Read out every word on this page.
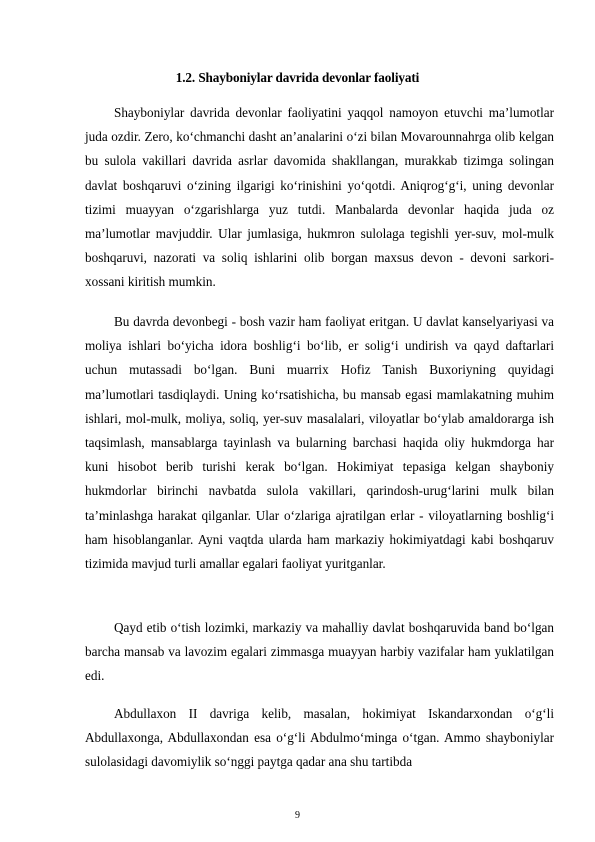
1.2. Shayboniylar davrida devonlar faoliyati

Shayboniylar davrida devonlar faoliyatini yaqqol namoyon etuvchi ma’lumotlar juda ozdir. Zero, ko‘chmanchi dasht an’analarini o‘zi bilan Movarounnahrga olib kelgan bu sulola vakillari davrida asrlar davomida shakllangan, murakkab tizimga solingan davlat boshqaruvi o‘zining ilgarigi ko‘rinishini yo‘qotdi. Aniqrog‘g‘i, uning devonlar tizimi muayyan o‘zgarishlarga yuz tutdi. Manbalarda devonlar haqida juda oz ma’lumotlar mavjuddir. Ular jumlasiga, hukmron sulolaga tegishli yer-suv, mol-mulk boshqaruvi, nazorati va soliq ishlarini olib borgan maxsus devon - devoni sarkori-xossani kiritish mumkin.

Bu davrda devonbegi - bosh vazir ham faoliyat eritgan. U davlat kanselyariyasi va moliya ishlari bo‘yicha idora boshlig‘i bo‘lib, er solig‘i undirish va qayd daftarlari uchun mutassadi bo‘lgan. Buni muarrix Hofiz Tanish Buxoriyning quyidagi ma’lumotlari tasdiqlaydi. Uning ko‘rsatishicha, bu mansab egasi mamlakatning muhim ishlari, mol-mulk, moliya, soliq, yer-suv masalalari, viloyatlar bo‘ylab amaldorarga ish taqsimlash, mansablarga tayinlash va bularning barchasi haqida oliy hukmdorga har kuni hisobot berib turishi kerak bo‘lgan. Hokimiyat tepasiga kelgan shayboniy hukmdorlar birinchi navbatda sulola vakillari, qarindosh-urug‘larini mulk bilan ta’minlashga harakat qilganlar. Ular o‘zlariga ajratilgan erlar - viloyatlarning boshlig‘i ham hisoblanganlar. Ayni vaqtda ularda ham markaziy hokimiyatdagi kabi boshqaruv tizimida mavjud turli amallar egalari faoliyat yuritganlar.

Qayd etib o‘tish lozimki, markaziy va mahalliy davlat boshqaruvida band bo‘lgan barcha mansab va lavozim egalari zimmasga muayyan harbiy vazifalar ham yuklatilgan edi.

Abdullaxon II davriga kelib, masalan, hokimiyat Iskandarxondan o‘g‘li Abdullaxonga, Abdullaxondan esa o‘g‘li Abdulmo‘minga o‘tgan. Ammo shayboniylar sulolasidagi davomiylik so‘nggi paytga qadar ana shu tartibda

9
